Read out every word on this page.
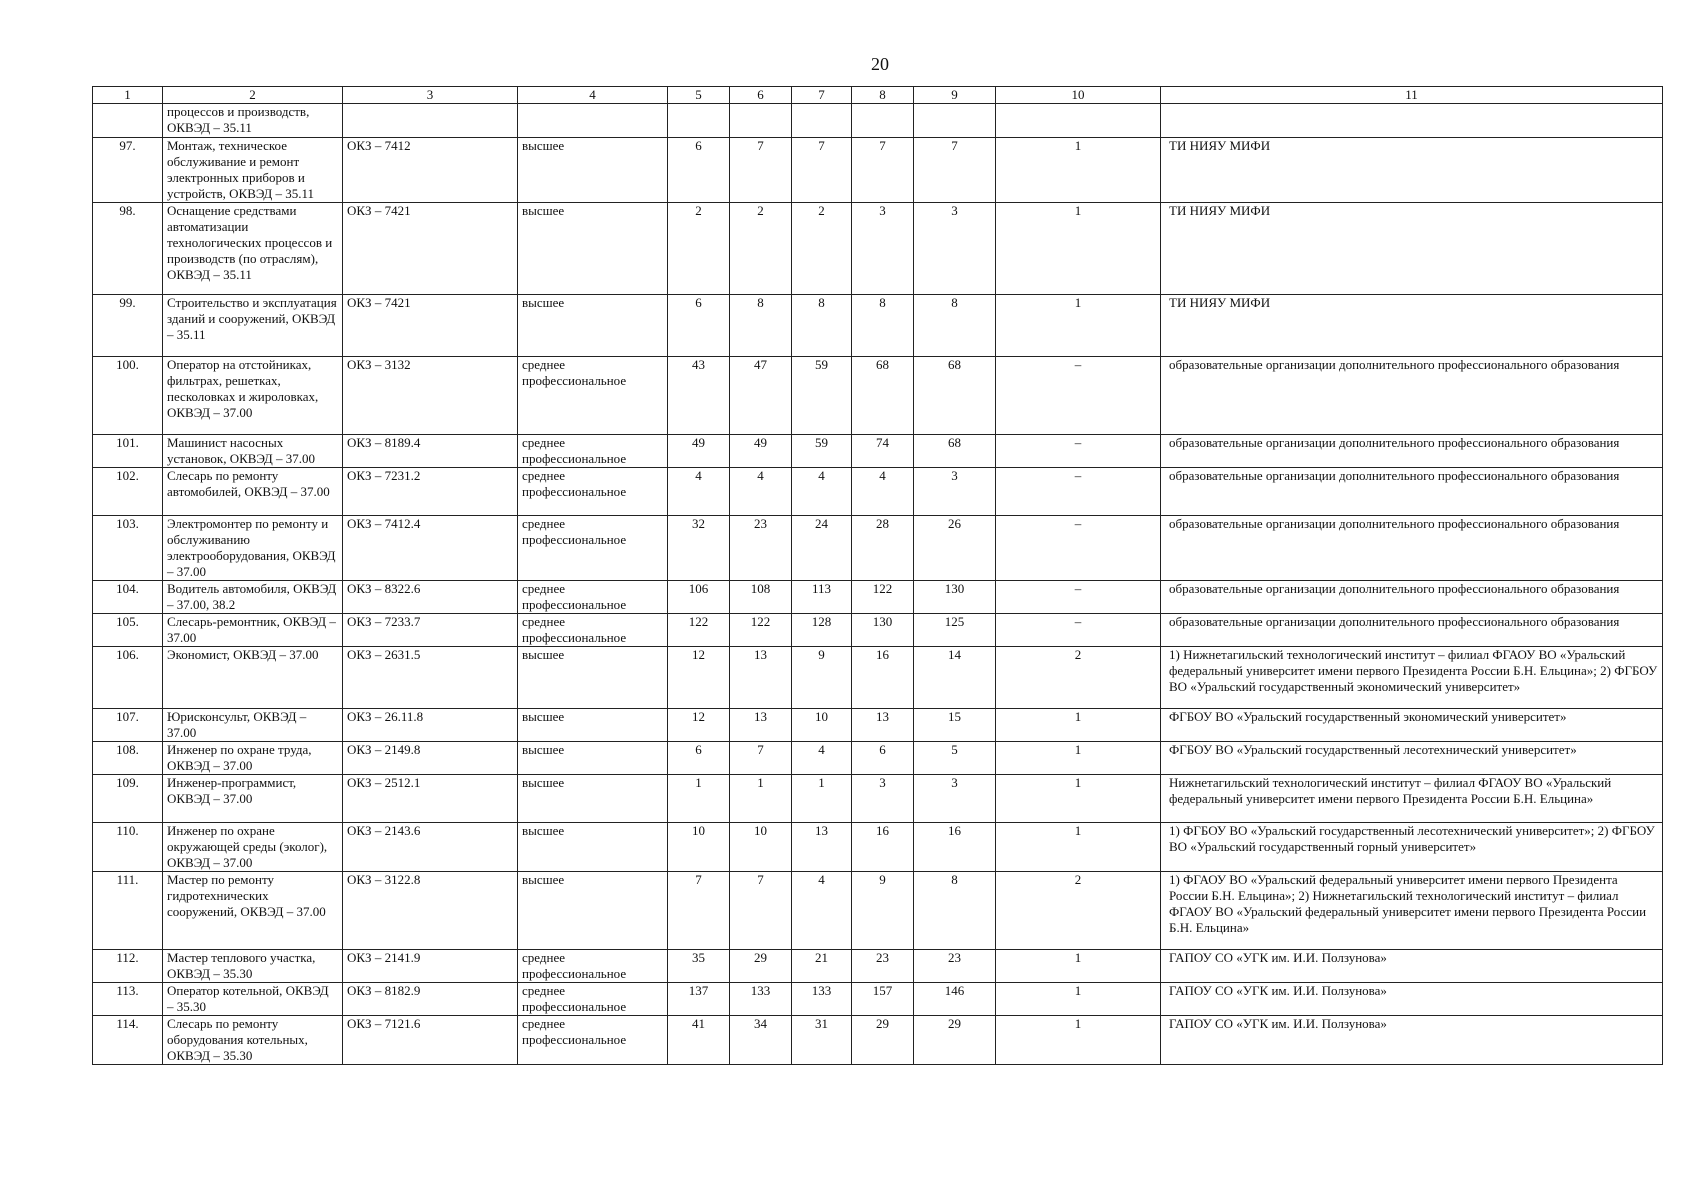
20
1	2	3	4	5	6	7	8	9	10	11
	процессов и производств, ОКВЭД – 35.11									
97.	Монтаж, техническое обслуживание и ремонт электронных приборов и устройств, ОКВЭД – 35.11	ОКЗ – 7412	высшее	6	7	7	7	7	1	ТИ НИЯУ МИФИ
98.	Оснащение средствами автоматизации технологических процессов и производств (по отраслям), ОКВЭД – 35.11	ОКЗ – 7421	высшее	2	2	2	3	3	1	ТИ НИЯУ МИФИ
99.	Строительство и эксплуатация зданий и сооружений, ОКВЭД – 35.11	ОКЗ – 7421	высшее	6	8	8	8	8	1	ТИ НИЯУ МИФИ
100.	Оператор на отстойниках, фильтрах, решетках, песколовках и жироловках, ОКВЭД – 37.00	ОКЗ – 3132	среднее профессиональное	43	47	59	68	68	–	образовательные организации дополнительного профессионального образования
101.	Машинист насосных установок, ОКВЭД – 37.00	ОКЗ – 8189.4	среднее профессиональное	49	49	59	74	68	–	образовательные организации дополнительного профессионального образования
102.	Слесарь по ремонту автомобилей, ОКВЭД – 37.00	ОКЗ – 7231.2	среднее профессиональное	4	4	4	4	3	–	образовательные организации дополнительного профессионального образования
103.	Электромонтер по ремонту и обслуживанию электрооборудования, ОКВЭД – 37.00	ОКЗ – 7412.4	среднее профессиональное	32	23	24	28	26	–	образовательные организации дополнительного профессионального образования
104.	Водитель автомобиля, ОКВЭД – 37.00, 38.2	ОКЗ – 8322.6	среднее профессиональное	106	108	113	122	130	–	образовательные организации дополнительного профессионального образования
105.	Слесарь-ремонтник, ОКВЭД – 37.00	ОКЗ – 7233.7	среднее профессиональное	122	122	128	130	125	–	образовательные организации дополнительного профессионального образования
106.	Экономист, ОКВЭД – 37.00	ОКЗ – 2631.5	высшее	12	13	9	16	14	2	1) Нижнетагильский технологический институт – филиал ФГАОУ ВО «Уральский федеральный университет имени первого Президента России Б.Н. Ельцина»; 2) ФГБОУ ВО «Уральский государственный экономический университет»
107.	Юрисконсульт, ОКВЭД – 37.00	ОКЗ – 26.11.8	высшее	12	13	10	13	15	1	ФГБОУ ВО «Уральский государственный экономический университет»
108.	Инженер по охране труда, ОКВЭД – 37.00	ОКЗ – 2149.8	высшее	6	7	4	6	5	1	ФГБОУ ВО «Уральский государственный лесотехнический университет»
109.	Инженер-программист, ОКВЭД – 37.00	ОКЗ – 2512.1	высшее	1	1	1	3	3	1	Нижнетагильский технологический институт – филиал ФГАОУ ВО «Уральский федеральный университет имени первого Президента России Б.Н. Ельцина»
110.	Инженер по охране окружающей среды (эколог), ОКВЭД – 37.00	ОКЗ – 2143.6	высшее	10	10	13	16	16	1	1) ФГБОУ ВО «Уральский государственный лесотехнический университет»; 2) ФГБОУ ВО «Уральский государственный горный университет»
111.	Мастер по ремонту гидротехнических сооружений, ОКВЭД – 37.00	ОКЗ – 3122.8	высшее	7	7	4	9	8	2	1) ФГАОУ ВО «Уральский федеральный университет имени первого Президента России Б.Н. Ельцина»; 2) Нижнетагильский технологический институт – филиал ФГАОУ ВО «Уральский федеральный университет имени первого Президента России Б.Н. Ельцина»
112.	Мастер теплового участка, ОКВЭД – 35.30	ОКЗ – 2141.9	среднее профессиональное	35	29	21	23	23	1	ГАПОУ СО «УГК им. И.И. Ползунова»
113.	Оператор котельной, ОКВЭД – 35.30	ОКЗ – 8182.9	среднее профессиональное	137	133	133	157	146	1	ГАПОУ СО «УГК им. И.И. Ползунова»
114.	Слесарь по ремонту оборудования котельных, ОКВЭД – 35.30	ОКЗ – 7121.6	среднее профессиональное	41	34	31	29	29	1	ГАПОУ СО «УГК им. И.И. Ползунова»
